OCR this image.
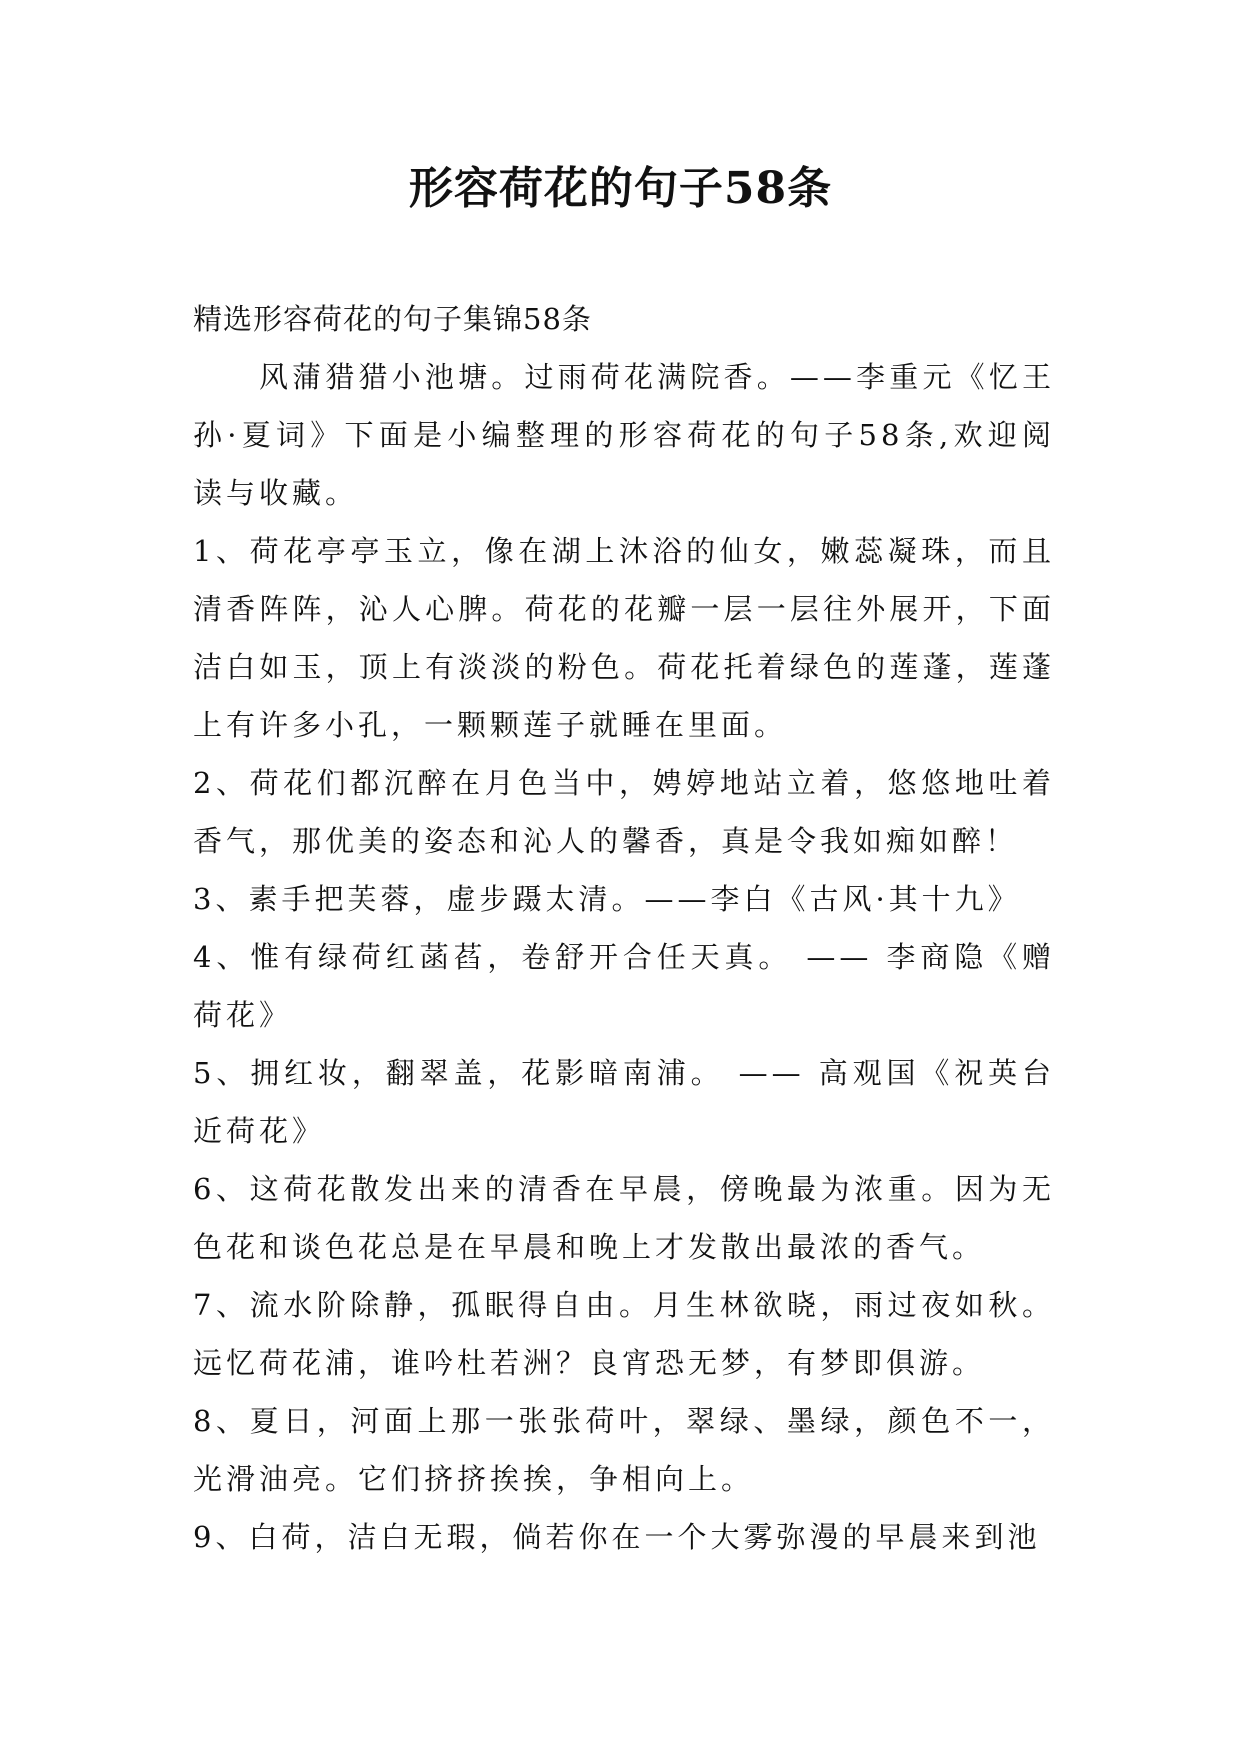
形容荷花的句子58条

精选形容荷花的句子集锦58条

风蒲猎猎小池塘。过雨荷花满院香。——李重元《忆王孙·夏词》下面是小编整理的形容荷花的句子58条,欢迎阅读与收藏。

1、荷花亭亭玉立，像在湖上沐浴的仙女，嫩蕊凝珠，而且清香阵阵，沁人心脾。荷花的花瓣一层一层往外展开，下面洁白如玉，顶上有淡淡的粉色。荷花托着绿色的莲蓬，莲蓬上有许多小孔，一颗颗莲子就睡在里面。

2、荷花们都沉醉在月色当中，娉婷地站立着，悠悠地吐着香气，那优美的姿态和沁人的馨香，真是令我如痴如醉！

3、素手把芙蓉，虚步蹑太清。——李白《古风·其十九》

4、惟有绿荷红菡萏，卷舒开合任天真。 —— 李商隐《赠荷花》

5、拥红妆，翻翠盖，花影暗南浦。 —— 高观国《祝英台近荷花》

6、这荷花散发出来的清香在早晨，傍晚最为浓重。因为无色花和谈色花总是在早晨和晚上才发散出最浓的香气。

7、流水阶除静，孤眠得自由。月生林欲晓，雨过夜如秋。远忆荷花浦，谁吟杜若洲？良宵恐无梦，有梦即俱游。

8、夏日，河面上那一张张荷叶，翠绿、墨绿，颜色不一，光滑油亮。它们挤挤挨挨，争相向上。

9、白荷，洁白无瑕，倘若你在一个大雾弥漫的早晨来到池
